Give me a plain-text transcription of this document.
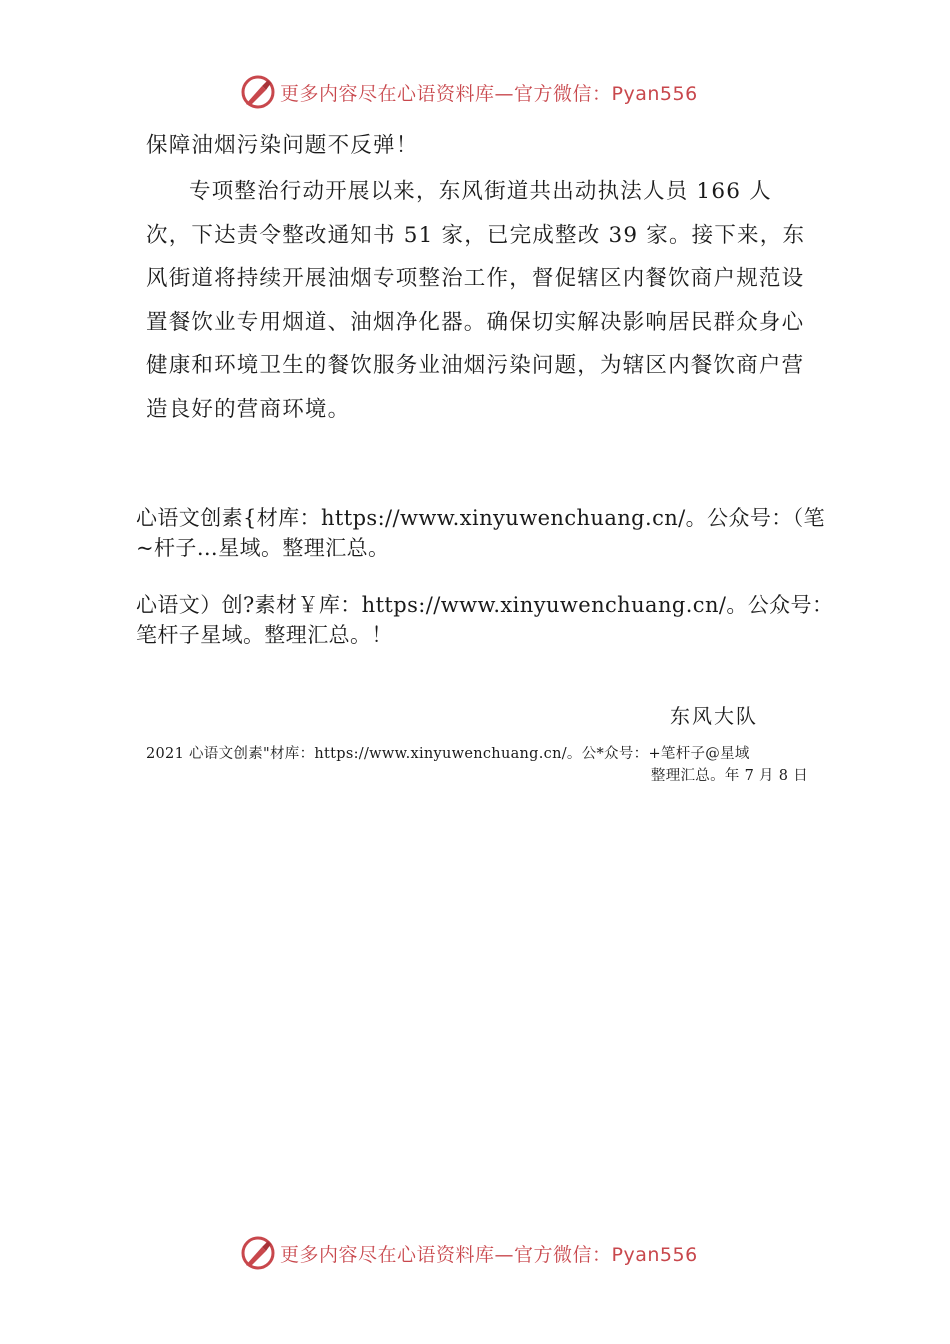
更多内容尽在心语资料库—官方微信：Pyan556

保障油烟污染问题不反弹！

专项整治行动开展以来，东风街道共出动执法人员 166 人次，下达责令整改通知书 51 家，已完成整改 39 家。接下来，东风街道将持续开展油烟专项整治工作，督促辖区内餐饮商户规范设置餐饮业专用烟道、油烟净化器。确保切实解决影响居民群众身心健康和环境卫生的餐饮服务业油烟污染问题，为辖区内餐饮商户营造良好的营商环境。

心语文创素{材库：https://www.xinyuwenchuang.cn/。公众号：（笔~杆子…星域。整理汇总。

心语文）创?素材￥库：https://www.xinyuwenchuang.cn/。公众号：笔杆子星域。整理汇总。！

东风大队

2021 心语文创素"材库：https://www.xinyuwenchuang.cn/。公*众号：+笔杆子@星域
整理汇总。年 7 月 8 日

更多内容尽在心语资料库—官方微信：Pyan556
